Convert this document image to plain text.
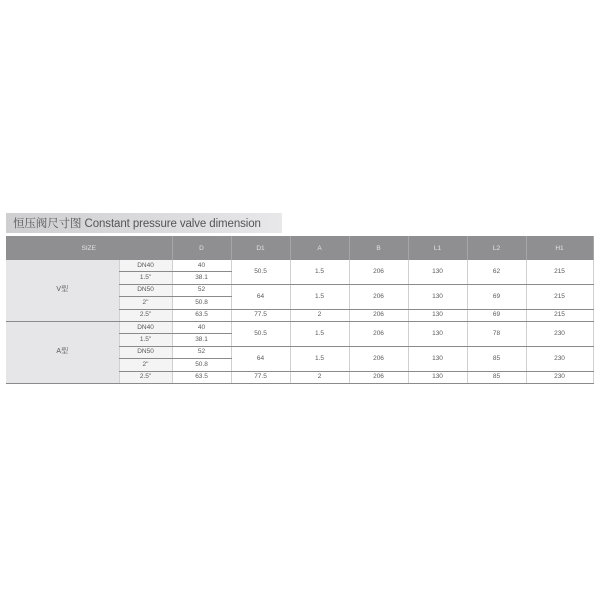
恒压阀尺寸图 Constant pressure valve dimension
SIZE		D	D1	A	B	L1	L2	H1	
V型	DN40	40	50.5	1.5	206	130	62	215	
	1.5"	38.1							
	DN50	52	64	1.5	206	130	69	215	
	2"	50.8							
	2.5"	63.5	77.5	2	206	130	69	215	
A型	DN40	40	50.5	1.5	206	130	78	230	
	1.5"	38.1							
	DN50	52	64	1.5	206	130	85	230	
	2"	50.8							
	2.5"	63.5	77.5	2	206	130	85	230	
